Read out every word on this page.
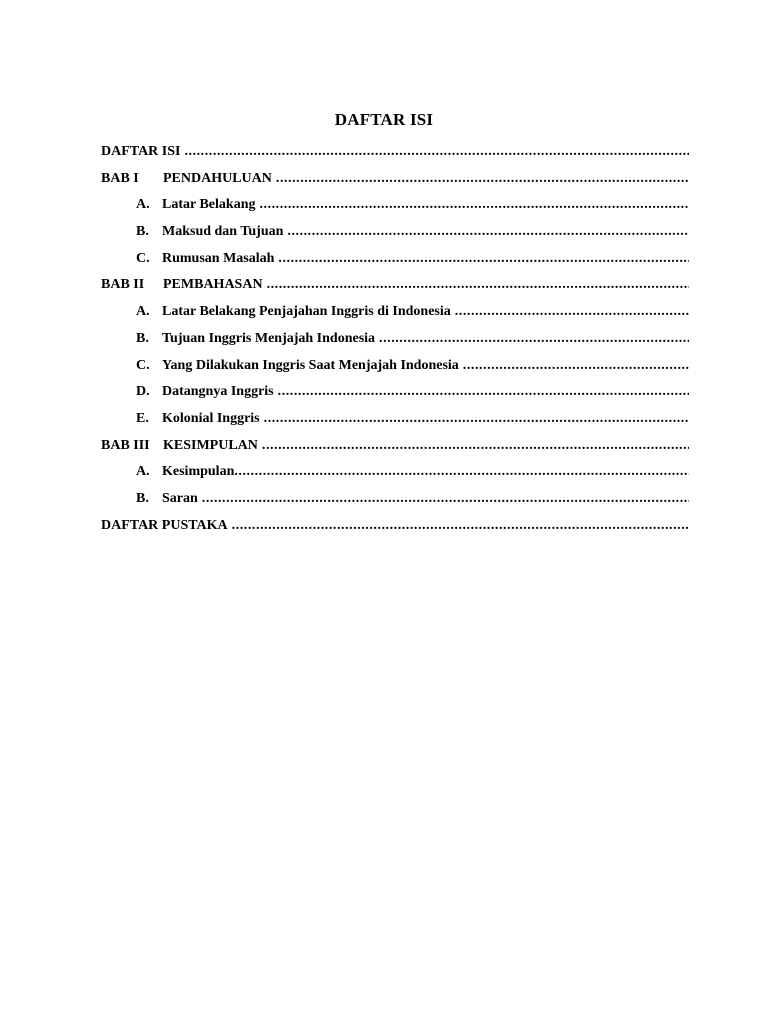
DAFTAR ISI
DAFTAR ISI
.....
BAB I	PENDAHULUAN
.....
A. Latar Belakang
.....
B. Maksud dan Tujuan
.....
C. Rumusan Masalah
.....
BAB II	PEMBAHASAN
.....
A. Latar Belakang Penjajahan Inggris di Indonesia
.....
B. Tujuan Inggris Menjajah Indonesia
.....
C. Yang Dilakukan Inggris Saat Menjajah Indonesia
.....
D. Datangnya Inggris
.....
E. Kolonial Inggris
.....
BAB III KESIMPULAN
.....
A. Kesimpulan
.....
B. Saran
.....
DAFTAR PUSTAKA
.....
